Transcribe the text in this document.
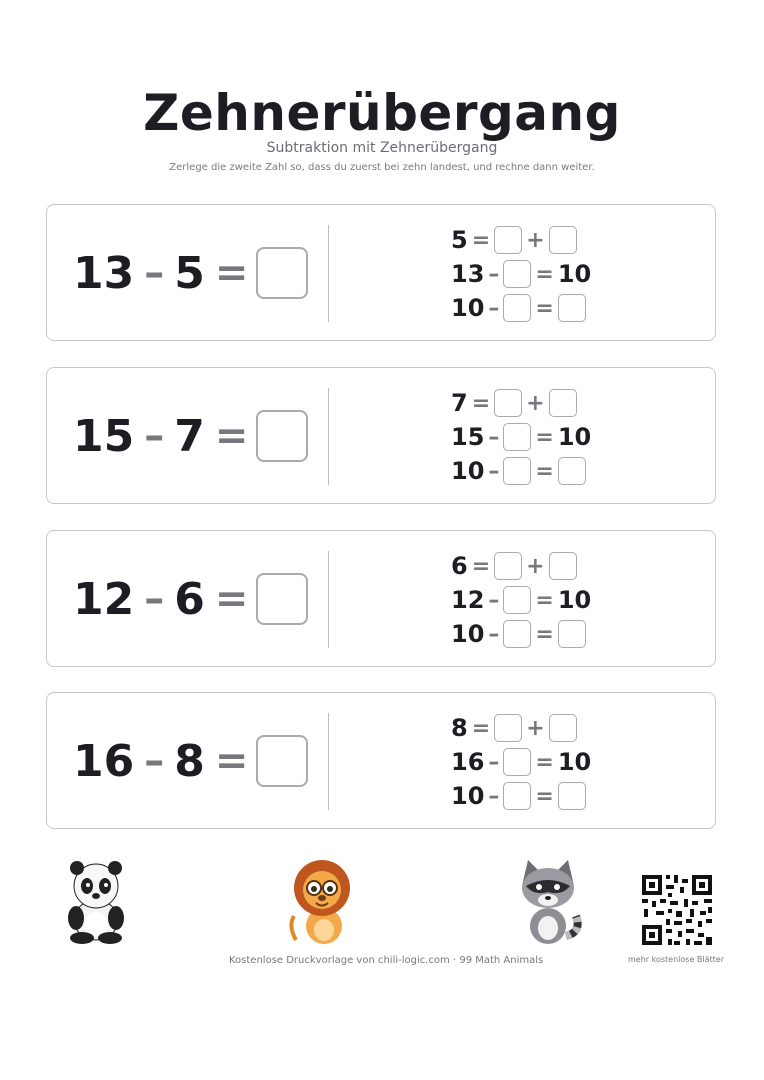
Zehnerübergang
Subtraktion mit Zehnerübergang
Zerlege die zweite Zahl so, dass du zuerst bei zehn landest, und rechne dann weiter.
13 – 5 =
5 = +
13 – = 10
10 – =
15 – 7 =
7 = +
15 – = 10
10 – =
12 – 6 =
6 = +
12 – = 10
10 – =
16 – 8 =
8 = +
16 – = 10
10 – =
Kostenlose Druckvorlage von chili-logic.com · 99 Math Animals	mehr kostenlose Blätter
